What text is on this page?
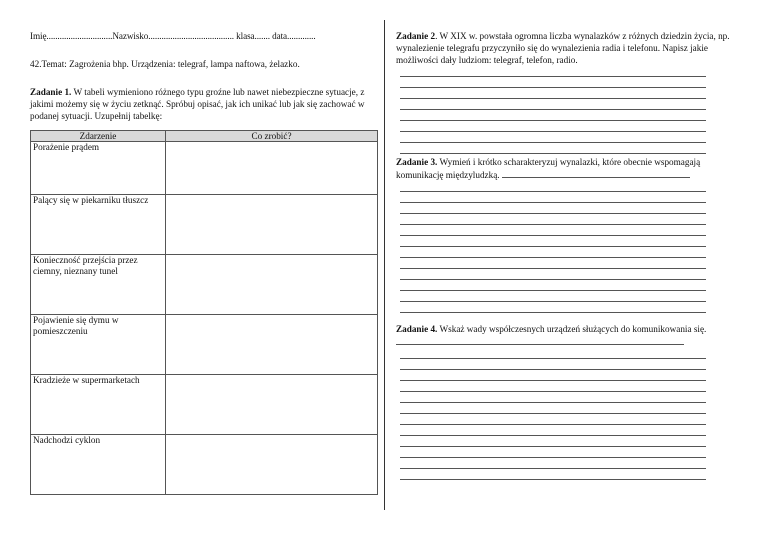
Imię..............................Nazwisko....................................... klasa....... data.............
42.Temat: Zagrożenia bhp. Urządzenia: telegraf, lampa naftowa, żelazko.
Zadanie 1. W tabeli wymieniono różnego typu groźne lub nawet niebezpieczne sytuacje, z jakimi możemy się w życiu zetknąć. Spróbuj opisać, jak ich unikać lub jak się zachować w podanej sytuacji. Uzupełnij tabelkę:
Zdarzenie	Co zrobić?
Porażenie prądem	
Palący się w piekarniku tłuszcz	
Konieczność przejścia przez ciemny, nieznany tunel	
Pojawienie się dymu w pomieszczeniu	
Kradzieże w supermarketach	
Nadchodzi cyklon	
Zadanie 2. W XIX w. powstała ogromna liczba wynalazków z różnych dziedzin życia, np. wynalezienie telegrafu przyczyniło się do wynalezienia radia i telefonu. Napisz jakie możliwości dały ludziom: telegraf, telefon, radio.
Zadanie 3. Wymień i krótko scharakteryzuj wynalazki, które obecnie wspomagają komunikację międzyludzką.
Zadanie 4. Wskaż wady współczesnych urządzeń służących do komunikowania się.
